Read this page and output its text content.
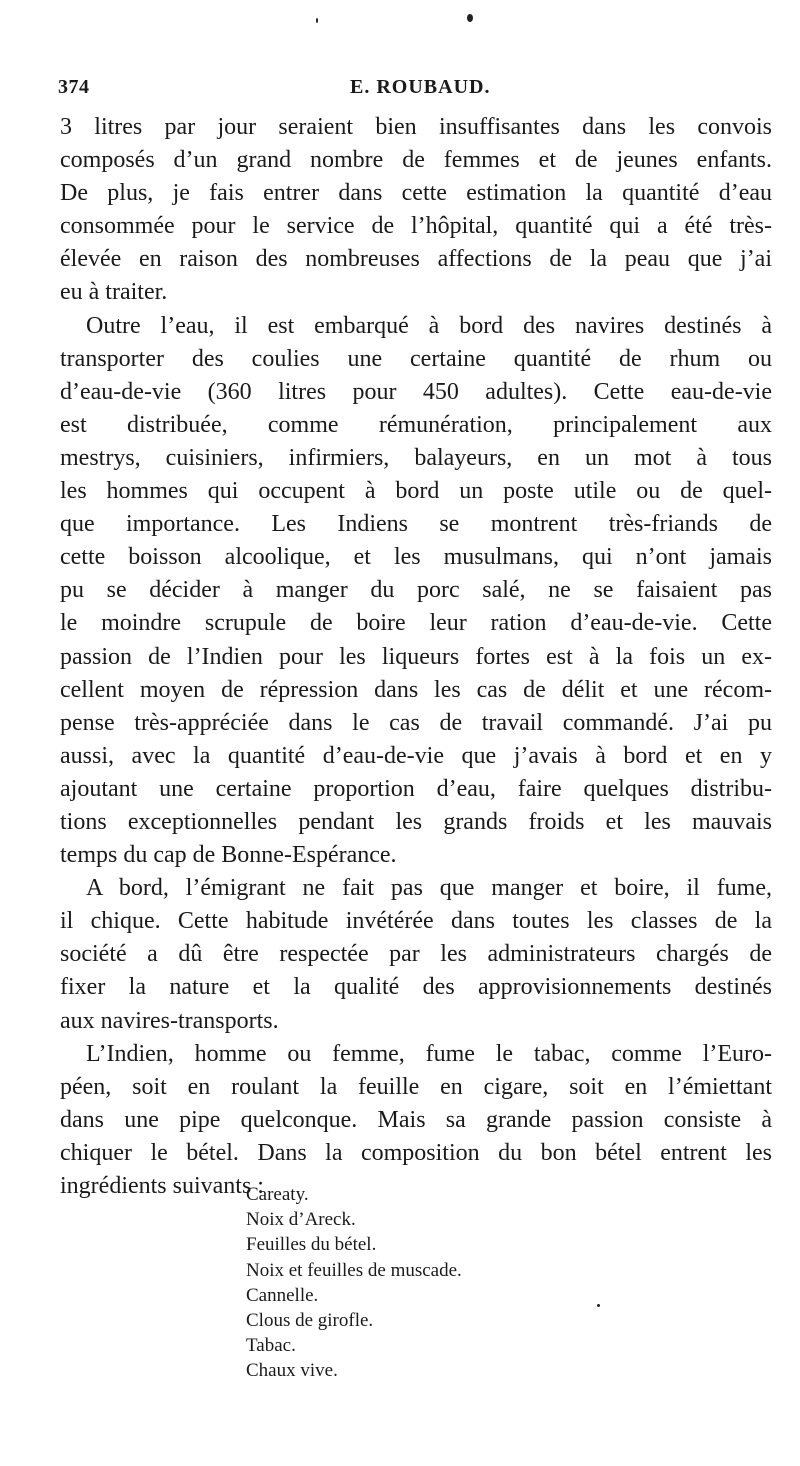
374	E. ROUBAUD.
3 litres par jour seraient bien insuffisantes dans les convois
composés d’un grand nombre de femmes et de jeunes enfants.
De plus, je fais entrer dans cette estimation la quantité d’eau
consommée pour le service de l’hôpital, quantité qui a été très-
élevée en raison des nombreuses affections de la peau que j’ai
eu à traiter.
Outre l’eau, il est embarqué à bord des navires destinés à
transporter des coulies une certaine quantité de rhum ou
d’eau-de-vie (360 litres pour 450 adultes). Cette eau-de-vie
est distribuée, comme rémunération, principalement aux
mestrys, cuisiniers, infirmiers, balayeurs, en un mot à tous
les hommes qui occupent à bord un poste utile ou de quel-
que importance. Les Indiens se montrent très-friands de
cette boisson alcoolique, et les musulmans, qui n’ont jamais
pu se décider à manger du porc salé, ne se faisaient pas
le moindre scrupule de boire leur ration d’eau-de-vie. Cette
passion de l’Indien pour les liqueurs fortes est à la fois un ex-
cellent moyen de répression dans les cas de délit et une récom-
pense très-appréciée dans le cas de travail commandé. J’ai pu
aussi, avec la quantité d’eau-de-vie que j’avais à bord et en y
ajoutant une certaine proportion d’eau, faire quelques distribu-
tions exceptionnelles pendant les grands froids et les mauvais
temps du cap de Bonne-Espérance.
A bord, l’émigrant ne fait pas que manger et boire, il fume,
il chique. Cette habitude invétérée dans toutes les classes de la
société a dû être respectée par les administrateurs chargés de
fixer la nature et la qualité des approvisionnements destinés
aux navires-transports.
L’Indien, homme ou femme, fume le tabac, comme l’Euro-
péen, soit en roulant la feuille en cigare, soit en l’émiettant
dans une pipe quelconque. Mais sa grande passion consiste à
chiquer le bétel. Dans la composition du bon bétel entrent les
ingrédients suivants :
Careaty.
Noix d’Areck.
Feuilles du bétel.
Noix et feuilles de muscade.
Cannelle.
Clous de girofle.
Tabac.
Chaux vive.
